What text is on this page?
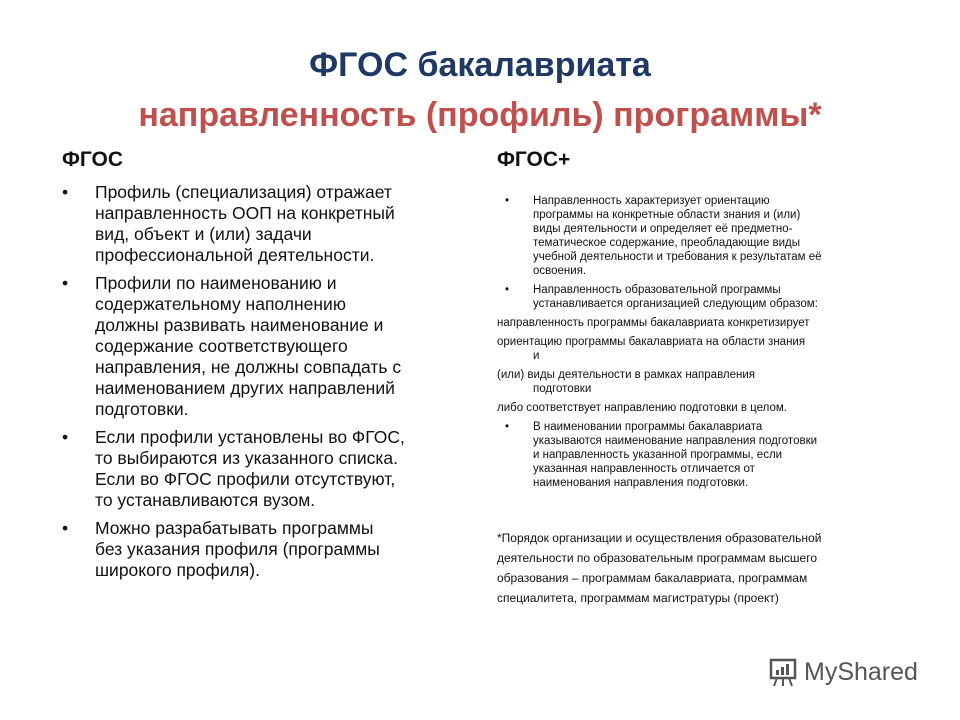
ФГОС бакалавриата
направленность (профиль) программы*
ФГОС	ФГОС+
• Профиль (специализация) отражает
направленность ООП на конкретный
вид, объект и (или) задачи
профессиональной деятельности.
• Профили по наименованию и
содержательному наполнению
должны развивать наименование и
содержание соответствующего
направления, не должны совпадать с
наименованием других направлений
подготовки.
• Если профили установлены во ФГОС,
то выбираются из указанного списка.
Если во ФГОС профили отсутствуют,
то устанавливаются вузом.
• Можно разрабатывать программы
без указания профиля (программы
широкого профиля).
• Направленность характеризует ориентацию
программы на конкретные области знания и (или)
виды деятельности и определяет её предметно-
тематическое содержание, преобладающие виды
учебной деятельности и требования к результатам её
освоения.
• Направленность образовательной программы
устанавливается организацией следующим образом:
направленность программы бакалавриата конкретизирует
ориентацию программы бакалавриата на области знания
и
(или) виды деятельности в рамках направления
подготовки
либо соответствует направлению подготовки в целом.
• В наименовании программы бакалавриата
указываются наименование направления подготовки
и направленность указанной программы, если
указанная направленность отличается от
наименования направления подготовки.
*Порядок организации и осуществления образовательной
деятельности по образовательным программам высшего
образования – программам бакалавриата, программам
специалитета, программам магистратуры (проект)
MyShared
